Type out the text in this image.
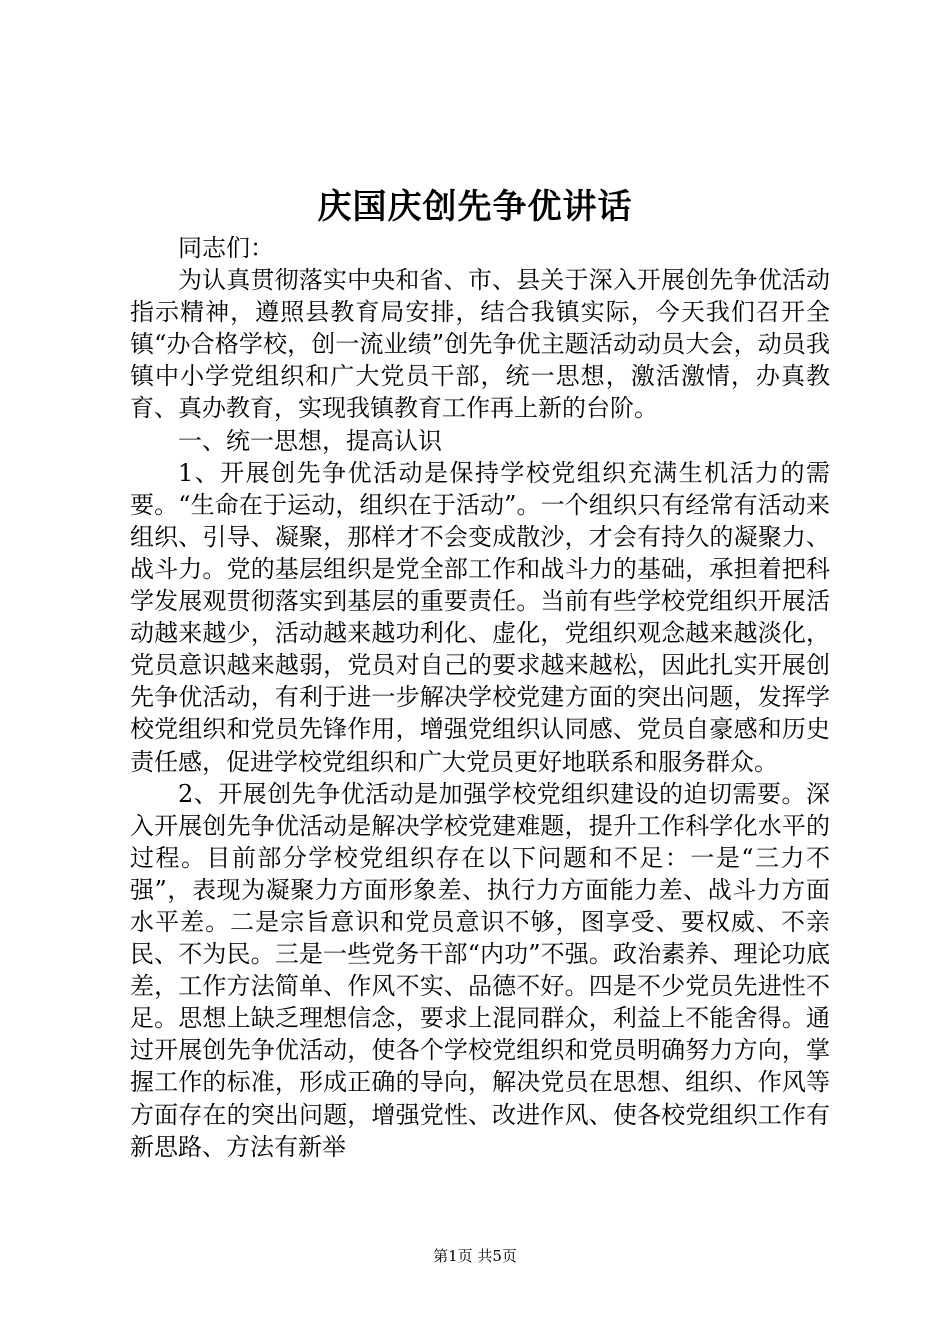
庆国庆创先争优讲话

同志们：

为认真贯彻落实中央和省、市、县关于深入开展创先争优活动指示精神，遵照县教育局安排，结合我镇实际，今天我们召开全镇“办合格学校，创一流业绩”创先争优主题活动动员大会，动员我镇中小学党组织和广大党员干部，统一思想，激活激情，办真教育、真办教育，实现我镇教育工作再上新的台阶。

一、统一思想，提高认识

1、开展创先争优活动是保持学校党组织充满生机活力的需要。“生命在于运动，组织在于活动”。一个组织只有经常有活动来组织、引导、凝聚，那样才不会变成散沙，才会有持久的凝聚力、战斗力。党的基层组织是党全部工作和战斗力的基础，承担着把科学发展观贯彻落实到基层的重要责任。当前有些学校党组织开展活动越来越少，活动越来越功利化、虚化，党组织观念越来越淡化，党员意识越来越弱，党员对自己的要求越来越松，因此扎实开展创先争优活动，有利于进一步解决学校党建方面的突出问题，发挥学校党组织和党员先锋作用，增强党组织认同感、党员自豪感和历史责任感，促进学校党组织和广大党员更好地联系和服务群众。

2、开展创先争优活动是加强学校党组织建设的迫切需要。深入开展创先争优活动是解决学校党建难题，提升工作科学化水平的过程。目前部分学校党组织存在以下问题和不足：一是“三力不强”，表现为凝聚力方面形象差、执行力方面能力差、战斗力方面水平差。二是宗旨意识和党员意识不够，图享受、要权威、不亲民、不为民。三是一些党务干部“内功”不强。政治素养、理论功底差，工作方法简单、作风不实、品德不好。四是不少党员先进性不足。思想上缺乏理想信念，要求上混同群众，利益上不能舍得。通过开展创先争优活动，使各个学校党组织和党员明确努力方向，掌握工作的标准，形成正确的导向，解决党员在思想、组织、作风等方面存在的突出问题，增强党性、改进作风、使各校党组织工作有新思路、方法有新举

第1页 共5页
